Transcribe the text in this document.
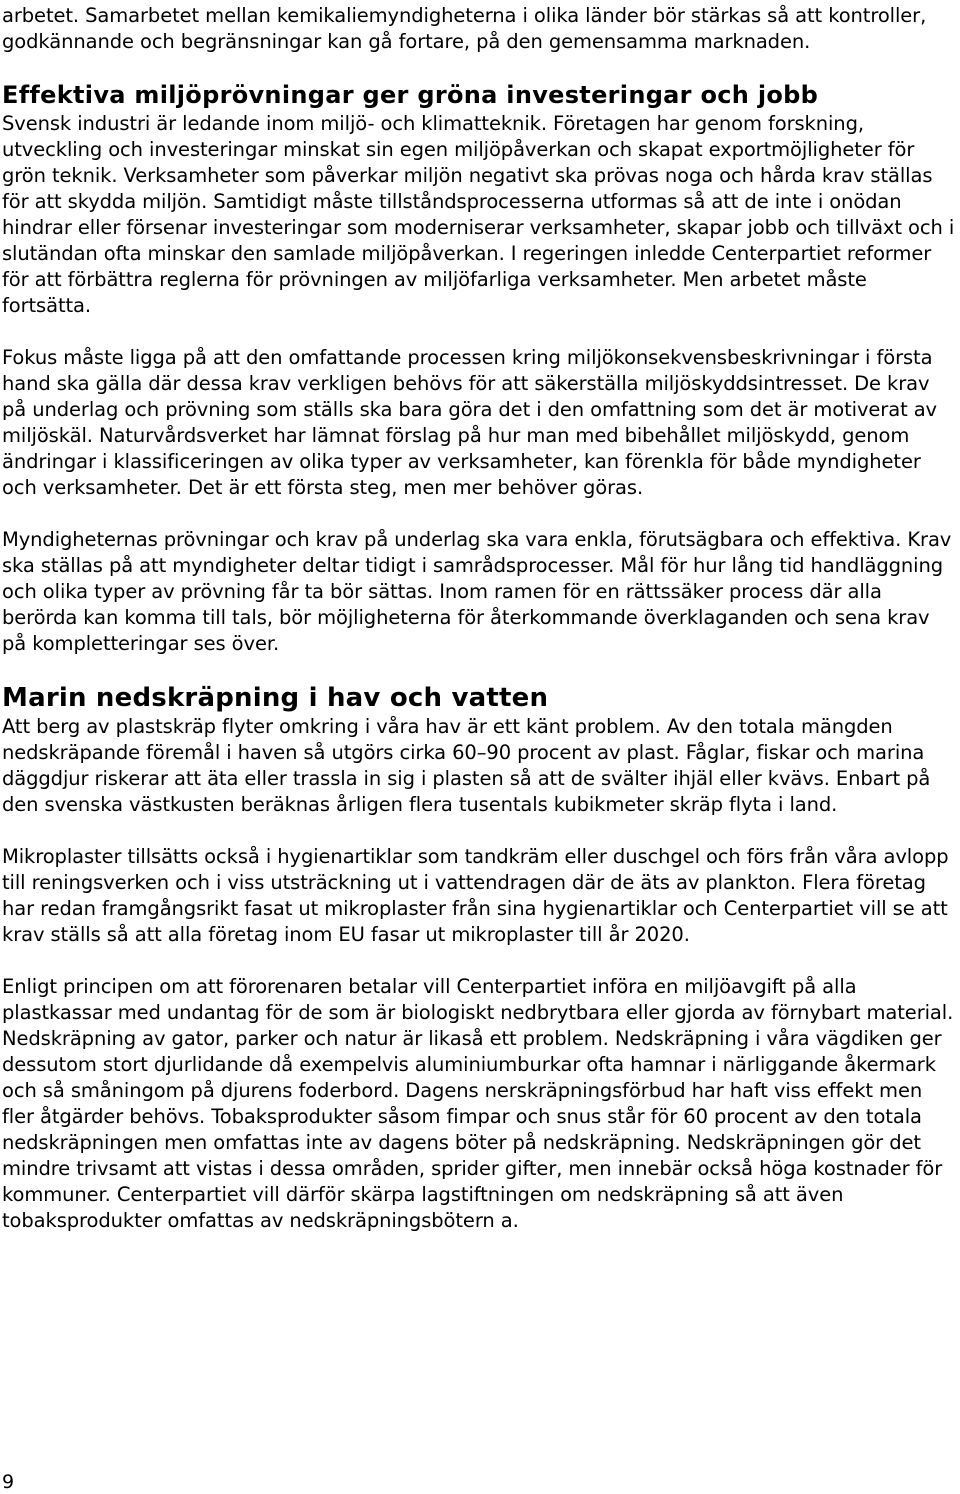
arbetet. Samarbetet mellan kemikaliemyndigheterna i olika länder bör stärkas så att kontroller, godkännande och begränsningar kan gå fortare, på den gemensamma marknaden.

Effektiva miljöprövningar ger gröna investeringar och jobb

Svensk industri är ledande inom miljö- och klimatteknik. Företagen har genom forskning, utveckling och investeringar minskat sin egen miljöpåverkan och skapat exportmöjligheter för grön teknik. Verksamheter som påverkar miljön negativt ska prövas noga och hårda krav ställas för att skydda miljön. Samtidigt måste tillståndsprocesserna utformas så att de inte i onödan hindrar eller försenar investeringar som moderniserar verksamheter, skapar jobb och tillväxt och i slutändan ofta minskar den samlade miljöpåverkan. I regeringen inledde Centerpartiet reformer för att förbättra reglerna för prövningen av miljöfarliga verksamheter. Men arbetet måste fortsätta.

Fokus måste ligga på att den omfattande processen kring miljökonsekvensbeskrivningar i första hand ska gälla där dessa krav verkligen behövs för att säkerställa miljöskyddsintresset. De krav på underlag och prövning som ställs ska bara göra det i den omfattning som det är motiverat av miljöskäl. Naturvårdsverket har lämnat förslag på hur man med bibehållet miljöskydd, genom ändringar i klassificeringen av olika typer av verksamheter, kan förenkla för både myndigheter och verksamheter. Det är ett första steg, men mer behöver göras.

Myndigheternas prövningar och krav på underlag ska vara enkla, förutsägbara och effektiva. Krav ska ställas på att myndigheter deltar tidigt i samrådsprocesser. Mål för hur lång tid handläggning och olika typer av prövning får ta bör sättas. Inom ramen för en rättssäker process där alla berörda kan komma till tals, bör möjligheterna för återkommande överklaganden och sena krav på kompletteringar ses över.

Marin nedskräpning i hav och vatten

Att berg av plastskräp flyter omkring i våra hav är ett känt problem. Av den totala mängden nedskräpande föremål i haven så utgörs cirka 60–90 procent av plast. Fåglar, fiskar och marina däggdjur riskerar att äta eller trassla in sig i plasten så att de svälter ihjäl eller kvävs. Enbart på den svenska västkusten beräknas årligen flera tusentals kubikmeter skräp flyta i land.

Mikroplaster tillsätts också i hygienartiklar som tandkräm eller duschgel och förs från våra avlopp till reningsverken och i viss utsträckning ut i vattendragen där de äts av plankton. Flera företag har redan framgångsrikt fasat ut mikroplaster från sina hygienartiklar och Centerpartiet vill se att krav ställs så att alla företag inom EU fasar ut mikroplaster till år 2020.

Enligt principen om att förorenaren betalar vill Centerpartiet införa en miljöavgift på alla plastkassar med undantag för de som är biologiskt nedbrytbara eller gjorda av förnybart material. Nedskräpning av gator, parker och natur är likaså ett problem. Nedskräpning i våra vägdiken ger dessutom stort djurlidande då exempelvis aluminiumburkar ofta hamnar i närliggande åkermark och så småningom på djurens foderbord. Dagens nerskräpningsförbud har haft viss effekt men fler åtgärder behövs. Tobaksprodukter såsom fimpar och snus står för 60 procent av den totala nedskräpningen men omfattas inte av dagens böter på nedskräpning. Nedskräpningen gör det mindre trivsamt att vistas i dessa områden, sprider gifter, men innebär också höga kostnader för kommuner. Centerpartiet vill därför skärpa lagstiftningen om nedskräpning så att även tobaksprodukter omfattas av nedskräpningsbötern a.

9
